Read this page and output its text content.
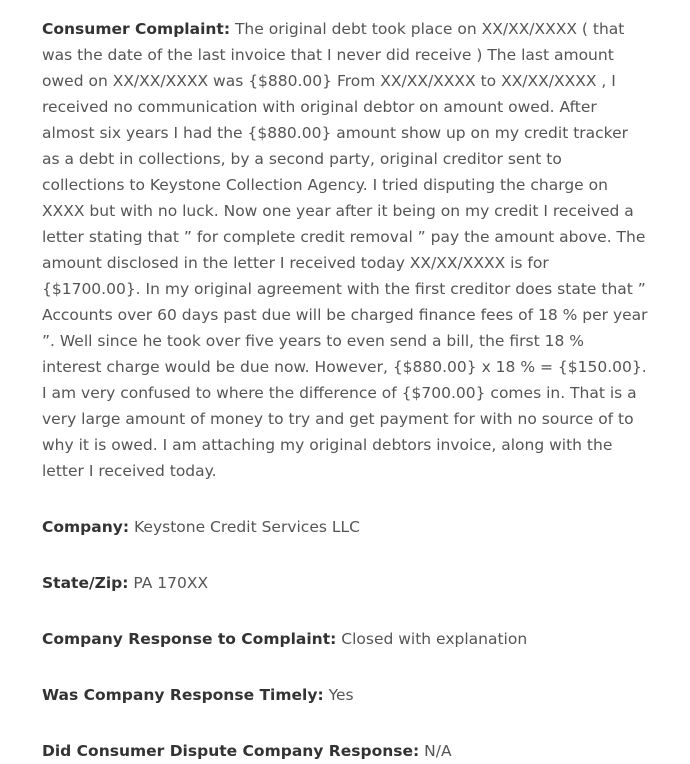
Consumer Complaint: The original debt took place on XX/XX/XXXX ( that was the date of the last invoice that I never did receive ) The last amount owed on XX/XX/XXXX was {$880.00} From XX/XX/XXXX to XX/XX/XXXX , I received no communication with original debtor on amount owed. After almost six years I had the {$880.00} amount show up on my credit tracker as a debt in collections, by a second party, original creditor sent to collections to Keystone Collection Agency. I tried disputing the charge on XXXX but with no luck. Now one year after it being on my credit I received a letter stating that ” for complete credit removal ” pay the amount above. The amount disclosed in the letter I received today XX/XX/XXXX is for {$1700.00}. In my original agreement with the first creditor does state that ” Accounts over 60 days past due will be charged finance fees of 18 % per year ”. Well since he took over five years to even send a bill, the first 18 % interest charge would be due now. However, {$880.00} x 18 % = {$150.00}. I am very confused to where the difference of {$700.00} comes in. That is a very large amount of money to try and get payment for with no source of to why it is owed. I am attaching my original debtors invoice, along with the letter I received today.

Company: Keystone Credit Services LLC

State/Zip: PA 170XX

Company Response to Complaint: Closed with explanation

Was Company Response Timely: Yes

Did Consumer Dispute Company Response: N/A
